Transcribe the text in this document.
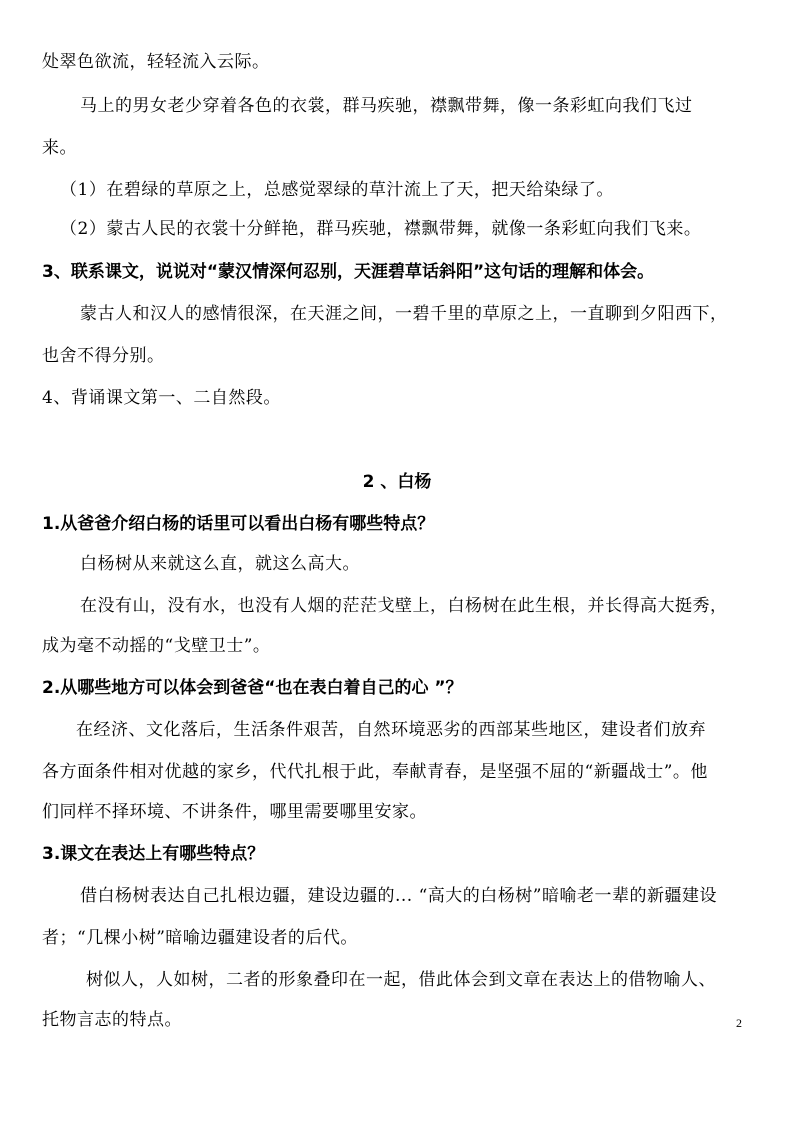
处翠色欲流，轻轻流入云际。
马上的男女老少穿着各色的衣裳，群马疾驰，襟飘带舞，像一条彩虹向我们飞过
来。
（1）在碧绿的草原之上，总感觉翠绿的草汁流上了天，把天给染绿了。
（2）蒙古人民的衣裳十分鲜艳，群马疾驰，襟飘带舞，就像一条彩虹向我们飞来。
3、联系课文，说说对“蒙汉情深何忍别，天涯碧草话斜阳”这句话的理解和体会。
蒙古人和汉人的感情很深，在天涯之间，一碧千里的草原之上，一直聊到夕阳西下，
也舍不得分别。
4、背诵课文第一、二自然段。
2 、白杨
1.从爸爸介绍白杨的话里可以看出白杨有哪些特点？
白杨树从来就这么直，就这么高大。
在没有山，没有水，也没有人烟的茫茫戈壁上，白杨树在此生根，并长得高大挺秀，
成为毫不动摇的“戈壁卫士”。
2.从哪些地方可以体会到爸爸“也在表白着自己的心 ”？
在经济、文化落后，生活条件艰苦，自然环境恶劣的西部某些地区，建设者们放弃
各方面条件相对优越的家乡，代代扎根于此，奉献青春，是坚强不屈的“新疆战士”。他
们同样不择环境、不讲条件，哪里需要哪里安家。
3.课文在表达上有哪些特点？
借白杨树表达自己扎根边疆，建设边疆的... “高大的白杨树”暗喻老一辈的新疆建设
者；“几棵小树”暗喻边疆建设者的后代。
树似人，人如树，二者的形象叠印在一起，借此体会到文章在表达上的借物喻人、
托物言志的特点。	2
